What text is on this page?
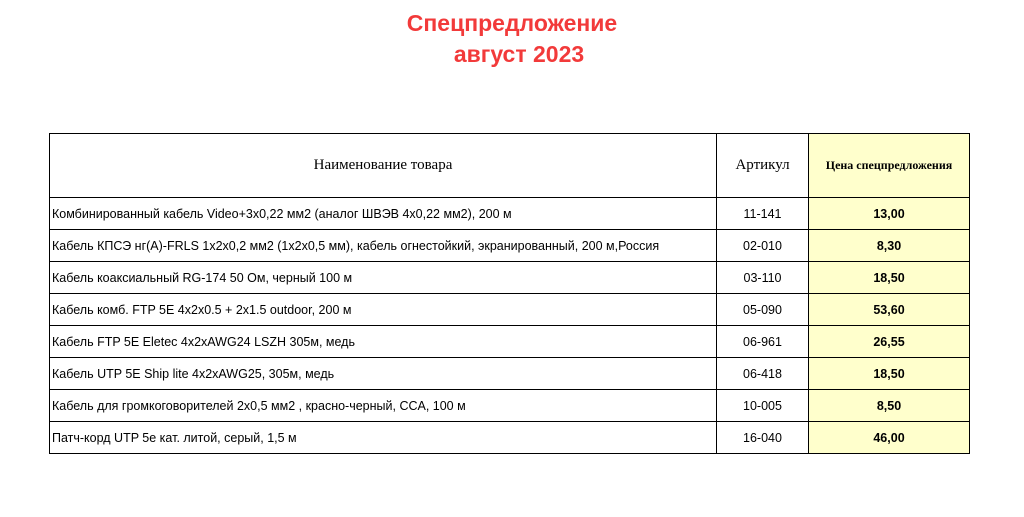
Спецпредложение
август 2023
Наименование товара	Артикул	Цена спецпредложения
Комбинированный кабель Video+3x0,22 мм2 (аналог ШВЭВ 4x0,22 мм2), 200 м	11-141	13,00
Кабель КПСЭ нг(А)-FRLS 1x2x0,2 мм2 (1x2x0,5 мм), кабель огнестойкий, экранированный, 200 м,Россия	02-010	8,30
Кабель коаксиальный RG-174 50 Ом, черный 100 м	03-110	18,50
Кабель комб. FTP 5E 4x2x0.5 + 2x1.5 outdoor, 200 м	05-090	53,60
Кабель FTP 5E Eletec 4x2xAWG24 LSZH 305м, медь	06-961	26,55
Кабель UTP 5E Ship lite 4x2xAWG25, 305м, медь	06-418	18,50
Кабель для громкоговорителей 2x0,5 мм2 , красно-черный, CCA, 100 м	10-005	8,50
Патч-корд UTP 5е кат. литой, серый, 1,5 м	16-040	46,00
